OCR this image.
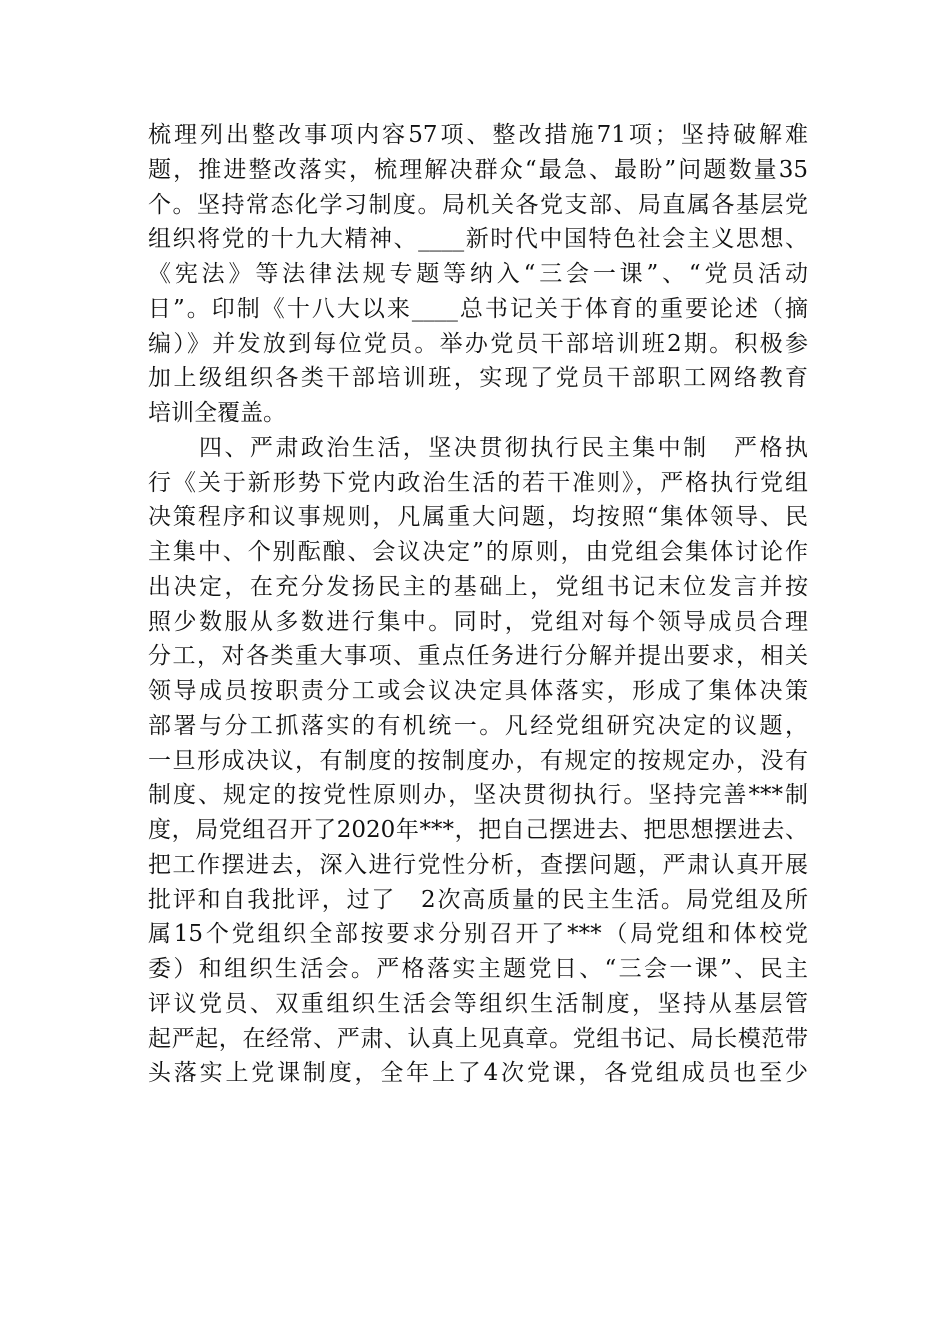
梳理列出整改事项内容57项、整改措施71项；坚持破解难
题，推进整改落实，梳理解决群众“最急、最盼”问题数量35
个。坚持常态化学习制度。局机关各党支部、局直属各基层党
组织将党的十九大精神、____新时代中国特色社会主义思想、
《宪法》等法律法规专题等纳入“三会一课”、“党员活动
日”。印制《十八大以来____总书记关于体育的重要论述（摘
编）》并发放到每位党员。举办党员干部培训班2期。积极参
加上级组织各类干部培训班，实现了党员干部职工网络教育
培训全覆盖。
　　四、严肃政治生活，坚决贯彻执行民主集中制　严格执
行《关于新形势下党内政治生活的若干准则》，严格执行党组
决策程序和议事规则，凡属重大问题，均按照“集体领导、民
主集中、个别酝酿、会议决定”的原则，由党组会集体讨论作
出决定，在充分发扬民主的基础上，党组书记末位发言并按
照少数服从多数进行集中。同时，党组对每个领导成员合理
分工，对各类重大事项、重点任务进行分解并提出要求，相关
领导成员按职责分工或会议决定具体落实，形成了集体决策
部署与分工抓落实的有机统一。凡经党组研究决定的议题，
一旦形成决议，有制度的按制度办，有规定的按规定办，没有
制度、规定的按党性原则办，坚决贯彻执行。坚持完善***制
度，局党组召开了2020年***，把自己摆进去、把思想摆进去、
把工作摆进去，深入进行党性分析，查摆问题，严肃认真开展
批评和自我批评，过了　2次高质量的民主生活。局党组及所
属15个党组织全部按要求分别召开了***（局党组和体校党
委）和组织生活会。严格落实主题党日、“三会一课”、民主
评议党员、双重组织生活会等组织生活制度，坚持从基层管
起严起，在经常、严肃、认真上见真章。党组书记、局长模范带
头落实上党课制度，全年上了4次党课，各党组成员也至少
